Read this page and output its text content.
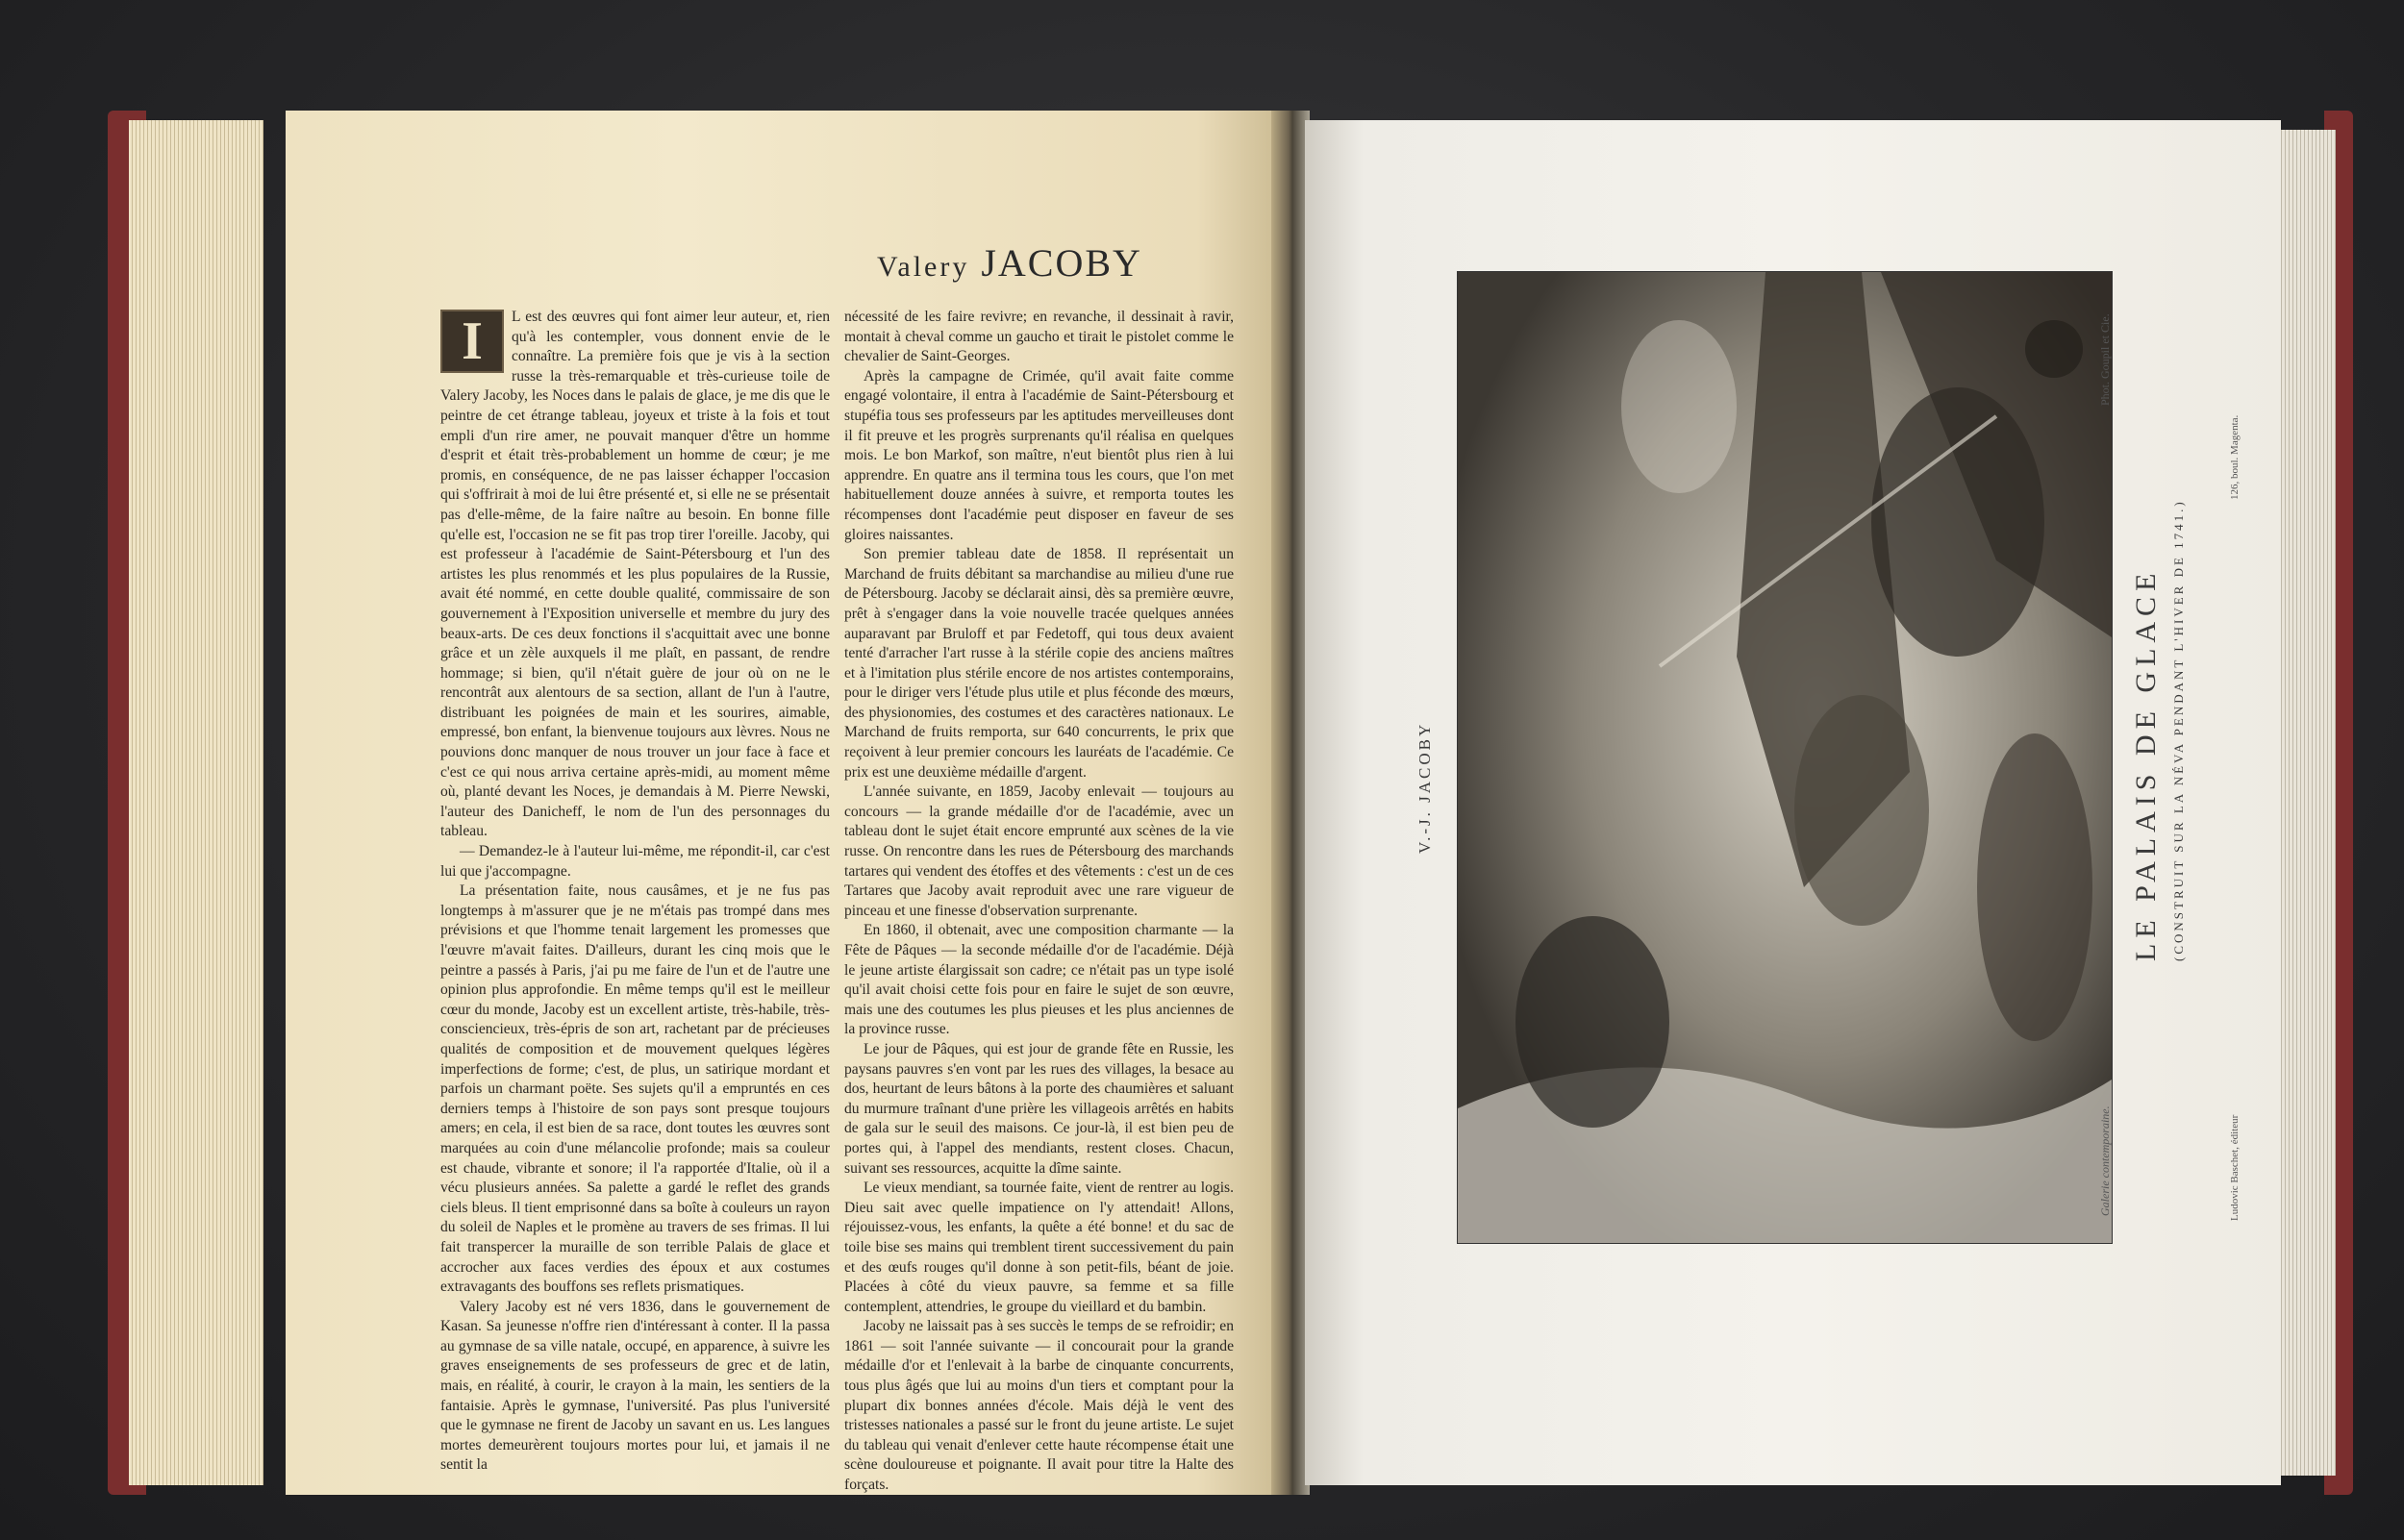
Valery JACOBY
I	L est des œuvres qui font aimer leur auteur, et, rien qu'à les contempler, vous donnent envie de le connaître. La première fois que je vis à la section russe la très-remarquable et très-curieuse toile de Valery Jacoby, les Noces dans le palais de glace, je me dis que le peintre de cet étrange tableau, joyeux et triste à la fois et tout empli d'un rire amer, ne pouvait manquer d'être un homme d'esprit et était très-probablement un homme de cœur; je me promis, en conséquence, de ne pas laisser échapper l'occasion qui s'offrirait à moi de lui être présenté et, si elle ne se présentait pas d'elle-même, de la faire naître au besoin. En bonne fille qu'elle est, l'occasion ne se fit pas trop tirer l'oreille. Jacoby, qui est professeur à l'académie de Saint-Pétersbourg et l'un des artistes les plus renommés et les plus populaires de la Russie, avait été nommé, en cette double qualité, commissaire de son gouvernement à l'Exposition universelle et membre du jury des beaux-arts. De ces deux fonctions il s'acquittait avec une bonne grâce et un zèle auxquels il me plaît, en passant, de rendre hommage; si bien, qu'il n'était guère de jour où on ne le rencontrât aux alentours de sa section, allant de l'un à l'autre, distribuant les poignées de main et les sourires, aimable, empressé, bon enfant, la bienvenue toujours aux lèvres. Nous ne pouvions donc manquer de nous trouver un jour face à face et c'est ce qui nous arriva certaine après-midi, au moment même où, planté devant les Noces, je demandais à M. Pierre Newski, l'auteur des Danicheff, le nom de l'un des personnages du tableau.

— Demandez-le à l'auteur lui-même, me répondit-il, car c'est lui que j'accompagne.

La présentation faite, nous causâmes, et je ne fus pas longtemps à m'assurer que je ne m'étais pas trompé dans mes prévisions et que l'homme tenait largement les promesses que l'œuvre m'avait faites. D'ailleurs, durant les cinq mois que le peintre a passés à Paris, j'ai pu me faire de l'un et de l'autre une opinion plus approfondie. En même temps qu'il est le meilleur cœur du monde, Jacoby est un excellent artiste, très-habile, très-consciencieux, très-épris de son art, rachetant par de précieuses qualités de composition et de mouvement quelques légères imperfections de forme; c'est, de plus, un satirique mordant et parfois un charmant poëte. Ses sujets qu'il a empruntés en ces derniers temps à l'histoire de son pays sont presque toujours amers; en cela, il est bien de sa race, dont toutes les œuvres sont marquées au coin d'une mélancolie profonde; mais sa couleur est chaude, vibrante et sonore; il l'a rapportée d'Italie, où il a vécu plusieurs années. Sa palette a gardé le reflet des grands ciels bleus. Il tient emprisonné dans sa boîte à couleurs un rayon du soleil de Naples et le promène au travers de ses frimas. Il lui fait transpercer la muraille de son terrible Palais de glace et accrocher aux faces verdies des époux et aux costumes extravagants des bouffons ses reflets prismatiques.

Valery Jacoby est né vers 1836, dans le gouvernement de Kasan. Sa jeunesse n'offre rien d'intéressant à conter. Il la passa au gymnase de sa ville natale, occupé, en apparence, à suivre les graves enseignements de ses professeurs de grec et de latin, mais, en réalité, à courir, le crayon à la main, les sentiers de la fantaisie. Après le gymnase, l'université. Pas plus l'université que le gymnase ne firent de Jacoby un savant en us. Les langues mortes demeurèrent toujours mortes pour lui, et jamais il ne sentit la

nécessité de les faire revivre; en revanche, il dessinait à ravir, montait à cheval comme un gaucho et tirait le pistolet comme le chevalier de Saint-Georges.

Après la campagne de Crimée, qu'il avait faite comme engagé volontaire, il entra à l'académie de Saint-Pétersbourg et stupéfia tous ses professeurs par les aptitudes merveilleuses dont il fit preuve et les progrès surprenants qu'il réalisa en quelques mois. Le bon Markof, son maître, n'eut bientôt plus rien à lui apprendre. En quatre ans il termina tous les cours, que l'on met habituellement douze années à suivre, et remporta toutes les récompenses dont l'académie peut disposer en faveur de ses gloires naissantes.

Son premier tableau date de 1858. Il représentait un Marchand de fruits débitant sa marchandise au milieu d'une rue de Pétersbourg. Jacoby se déclarait ainsi, dès sa première œuvre, prêt à s'engager dans la voie nouvelle tracée quelques années auparavant par Bruloff et par Fedetoff, qui tous deux avaient tenté d'arracher l'art russe à la stérile copie des anciens maîtres et à l'imitation plus stérile encore de nos artistes contemporains, pour le diriger vers l'étude plus utile et plus féconde des mœurs, des physionomies, des costumes et des caractères nationaux. Le Marchand de fruits remporta, sur 640 concurrents, le prix que reçoivent à leur premier concours les lauréats de l'académie. Ce prix est une deuxième médaille d'argent.

L'année suivante, en 1859, Jacoby enlevait — toujours au concours — la grande médaille d'or de l'académie, avec un tableau dont le sujet était encore emprunté aux scènes de la vie russe. On rencontre dans les rues de Pétersbourg des marchands tartares qui vendent des étoffes et des vêtements : c'est un de ces Tartares que Jacoby avait reproduit avec une rare vigueur de pinceau et une finesse d'observation surprenante.

En 1860, il obtenait, avec une composition charmante — la Fête de Pâques — la seconde médaille d'or de l'académie. Déjà le jeune artiste élargissait son cadre; ce n'était pas un type isolé qu'il avait choisi cette fois pour en faire le sujet de son œuvre, mais une des coutumes les plus pieuses et les plus anciennes de la province russe.

Le jour de Pâques, qui est jour de grande fête en Russie, les paysans pauvres s'en vont par les rues des villages, la besace au dos, heurtant de leurs bâtons à la porte des chaumières et saluant du murmure traînant d'une prière les villageois arrêtés en habits de gala sur le seuil des maisons. Ce jour-là, il est bien peu de portes qui, à l'appel des mendiants, restent closes. Chacun, suivant ses ressources, acquitte la dîme sainte.

Le vieux mendiant, sa tournée faite, vient de rentrer au logis. Dieu sait avec quelle impatience on l'y attendait! Allons, réjouissez-vous, les enfants, la quête a été bonne! et du sac de toile bise ses mains qui tremblent tirent successivement du pain et des œufs rouges qu'il donne à son petit-fils, béant de joie. Placées à côté du vieux pauvre, sa femme et sa fille contemplent, attendries, le groupe du vieillard et du bambin.

Jacoby ne laissait pas à ses succès le temps de se refroidir; en 1861 — soit l'année suivante — il concourait pour la grande médaille d'or et l'enlevait à la barbe de cinquante concurrents, tous plus âgés que lui au moins d'un tiers et comptant pour la plupart dix bonnes années d'école. Mais déjà le vent des tristesses nationales a passé sur le front du jeune artiste. Le sujet du tableau qui venait d'enlever cette haute récompense était une scène douloureuse et poignante. Il avait pour titre la Halte des forçats.

V.-J. JACOBY
Galerie contemporaine.
Phot. Goupil et Cie.
LE PALAIS DE GLACE (CONSTRUIT SUR LA NÉVA PENDANT L'HIVER DE 1741.)
Ludovic Baschet, éditeur
126, boul. Magenta.
